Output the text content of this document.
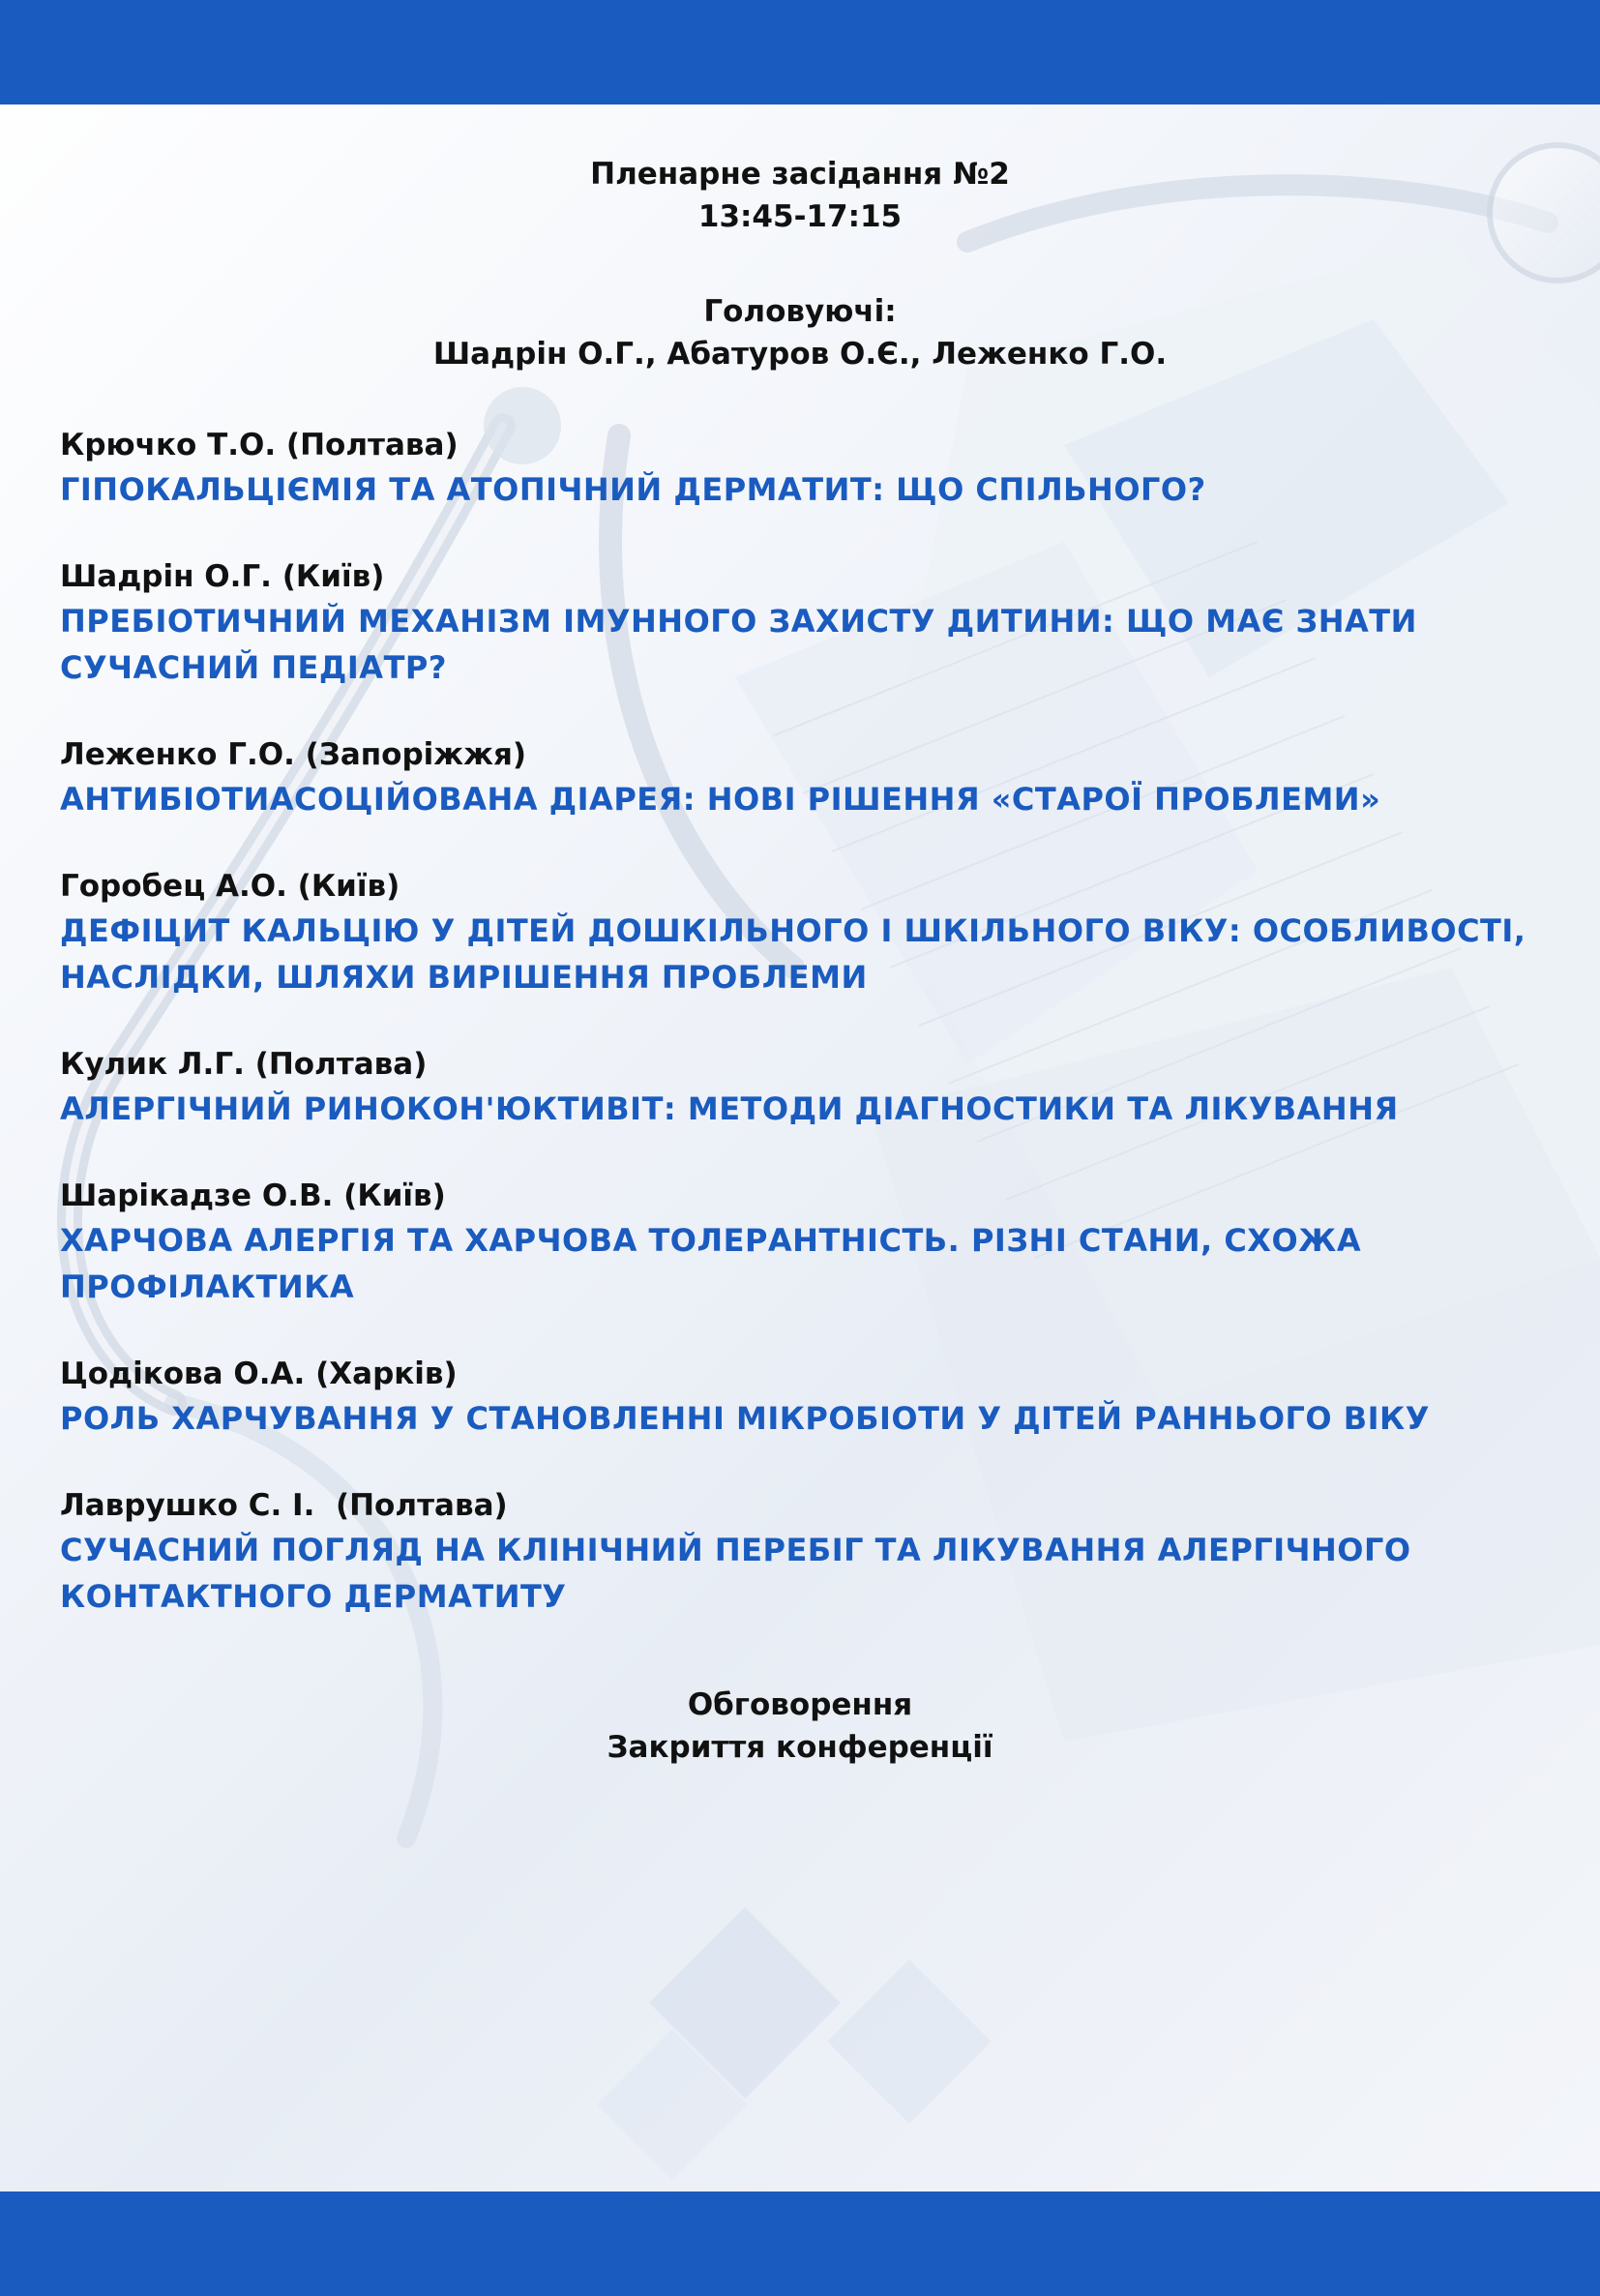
Пленарне засідання №2
13:45-17:15
Головуючі:
Шадрін О.Г., Абатуров О.Є., Леженко Г.О.
Крючко Т.О. (Полтава)
ГІПОКАЛЬЦІЄМІЯ ТА АТОПІЧНИЙ ДЕРМАТИТ: ЩО СПІЛЬНОГО?
Шадрін О.Г. (Київ)
ПРЕБІОТИЧНИЙ МЕХАНІЗМ ІМУННОГО ЗАХИСТУ ДИТИНИ: ЩО МАЄ ЗНАТИ
СУЧАСНИЙ ПЕДІАТР?
Леженко Г.О. (Запоріжжя)
АНТИБІОТИАСОЦІЙОВАНА ДІАРЕЯ: НОВІ РІШЕННЯ «СТАРОЇ ПРОБЛЕМИ»
Горобец А.О. (Київ)
ДЕФІЦИТ КАЛЬЦІЮ У ДІТЕЙ ДОШКІЛЬНОГО І ШКІЛЬНОГО ВІКУ: ОСОБЛИВОСТІ,
НАСЛІДКИ, ШЛЯХИ ВИРІШЕННЯ ПРОБЛЕМИ
Кулик Л.Г. (Полтава)
АЛЕРГІЧНИЙ РИНОКОН'ЮКТИВІТ: МЕТОДИ ДІАГНОСТИКИ ТА ЛІКУВАННЯ
Шарікадзе О.В. (Київ)
ХАРЧОВА АЛЕРГІЯ ТА ХАРЧОВА ТОЛЕРАНТНІСТЬ. РІЗНІ СТАНИ, СХОЖА
ПРОФІЛАКТИКА
Цодікова О.А. (Харків)
РОЛЬ ХАРЧУВАННЯ У СТАНОВЛЕННІ МІКРОБІОТИ У ДІТЕЙ РАННЬОГО ВІКУ
Лаврушко С. І.  (Полтава)
СУЧАСНИЙ ПОГЛЯД НА КЛІНІЧНИЙ ПЕРЕБІГ ТА ЛІКУВАННЯ АЛЕРГІЧНОГО
КОНТАКТНОГО ДЕРМАТИТУ
Обговорення
Закриття конференції
